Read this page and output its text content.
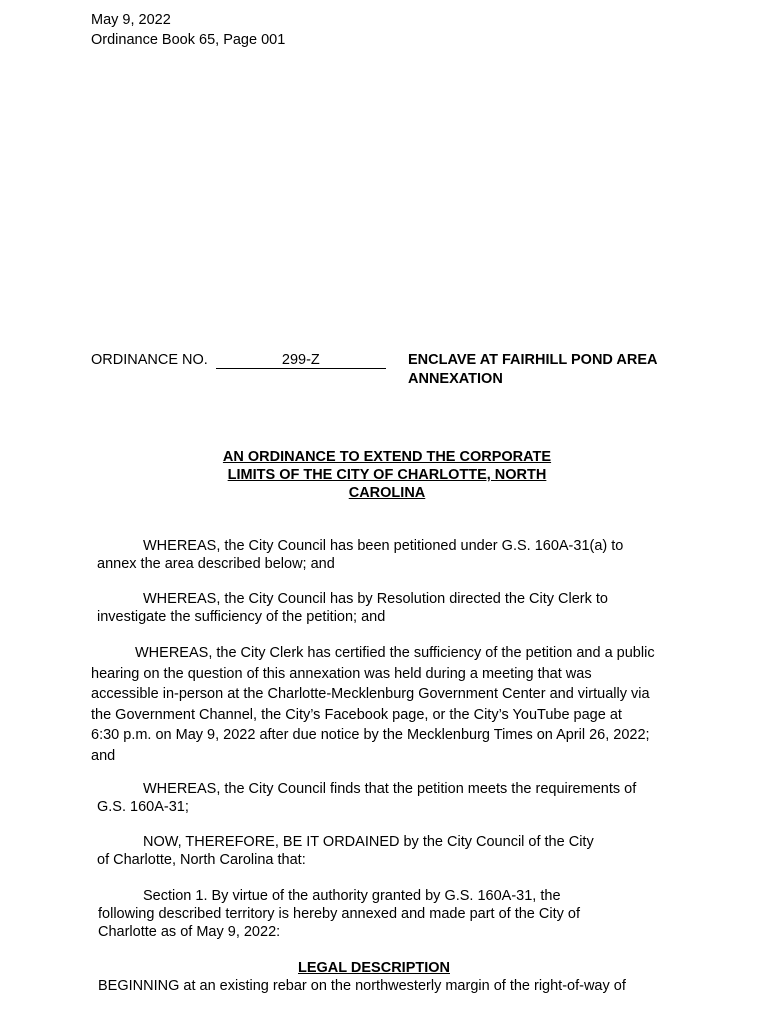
May 9, 2022
Ordinance Book 65, Page 001
ORDINANCE NO.	299-Z	ENCLAVE AT FAIRHILL POND AREA
ANNEXATION
AN ORDINANCE TO EXTEND THE CORPORATE
LIMITS OF THE CITY OF CHARLOTTE, NORTH
CAROLINA
WHEREAS, the City Council has been petitioned under G.S. 160A-31(a) to
annex the area described below; and
WHEREAS, the City Council has by Resolution directed the City Clerk to
investigate the sufficiency of the petition; and
WHEREAS, the City Clerk has certified the sufficiency of the petition and a public
hearing on the question of this annexation was held during a meeting that was
accessible in-person at the Charlotte-Mecklenburg Government Center and virtually via
the Government Channel, the City’s Facebook page, or the City’s YouTube page at
6:30 p.m. on May 9, 2022 after due notice by the Mecklenburg Times on April 26, 2022;
and
WHEREAS, the City Council finds that the petition meets the requirements of
G.S. 160A-31;
NOW, THEREFORE, BE IT ORDAINED by the City Council of the City
of Charlotte, North Carolina that:
Section 1. By virtue of the authority granted by G.S. 160A-31, the
following described territory is hereby annexed and made part of the City of
Charlotte as of May 9, 2022:
LEGAL DESCRIPTION
BEGINNING at an existing rebar on the northwesterly margin of the right-of-way of
